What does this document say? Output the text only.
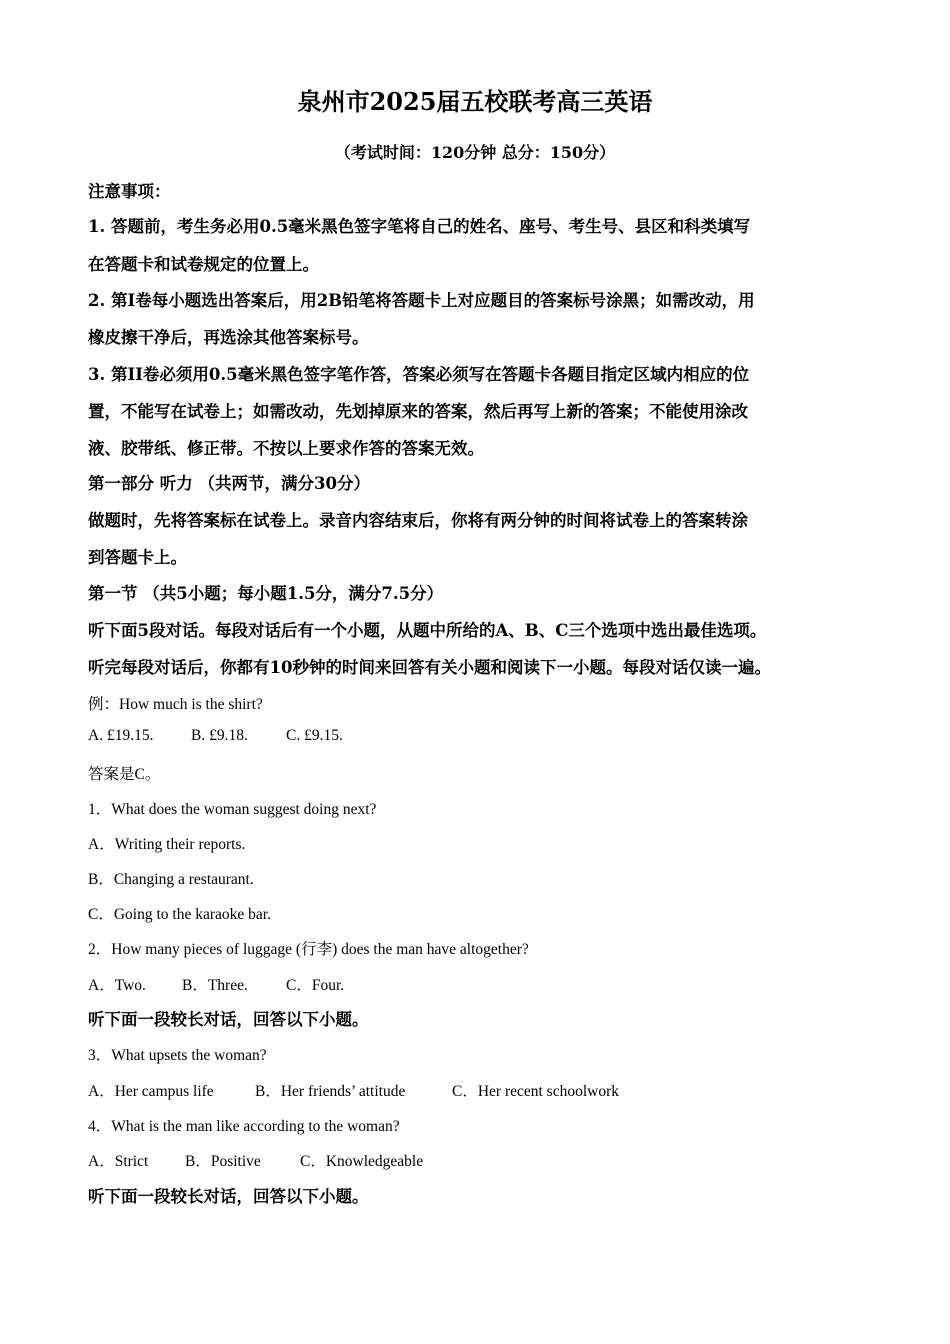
泉州市2025届五校联考高三英语
（考试时间：120分钟 总分：150分）
注意事项：
1. 答题前，考生务必用0.5毫米黑色签字笔将自己的姓名、座号、考生号、县区和科类填写
在答题卡和试卷规定的位置上。
2. 第I卷每小题选出答案后，用2B铅笔将答题卡上对应题目的答案标号涂黑；如需改动，用
橡皮擦干净后，再选涂其他答案标号。
3. 第II卷必须用0.5毫米黑色签字笔作答，答案必须写在答题卡各题目指定区域内相应的位
置，不能写在试卷上；如需改动，先划掉原来的答案，然后再写上新的答案；不能使用涂改
液、胶带纸、修正带。不按以上要求作答的答案无效。
第一部分 听力 （共两节，满分30分）
做题时，先将答案标在试卷上。录音内容结束后，你将有两分钟的时间将试卷上的答案转涂
到答题卡上。
第一节 （共5小题；每小题1.5分，满分7.5分）
听下面5段对话。每段对话后有一个小题，从题中所给的A、B、C三个选项中选出最佳选项。
听完每段对话后，你都有10秒钟的时间来回答有关小题和阅读下一小题。每段对话仅读一遍。
例：How much is the shirt?
A. £19.15. B. £9.18. C. £9.15.
答案是C。
1．What does the woman suggest doing next?
A．Writing their reports.
B．Changing a restaurant.
C．Going to the karaoke bar.
2．How many pieces of luggage (行李) does the man have altogether?
A．Two. B．Three. C．Four.
听下面一段较长对话，回答以下小题。
3．What upsets the woman?
A．Her campus life	B．Her friends’ attitude	C．Her recent schoolwork
4．What is the man like according to the woman?
A．Strict B．Positive	C．Knowledgeable
听下面一段较长对话，回答以下小题。
